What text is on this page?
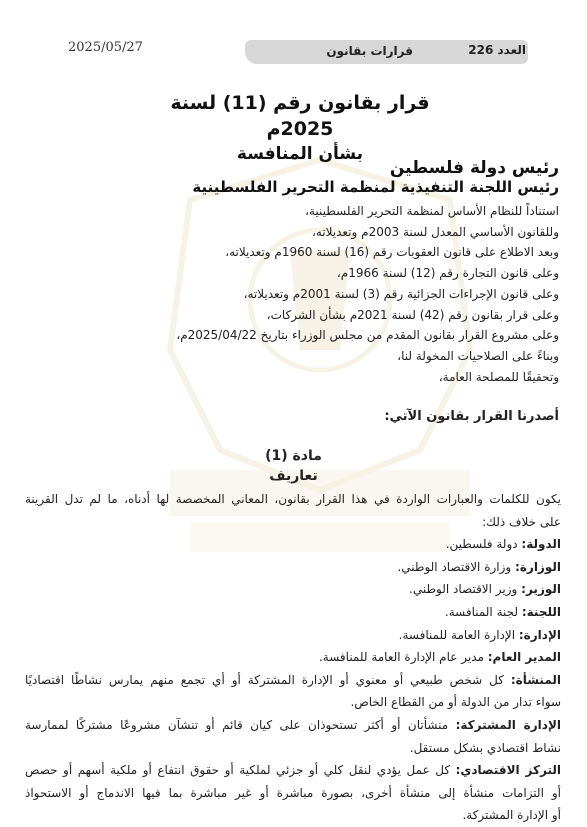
2025/05/27	العدد 226
قرارات بقانون
قرار بقانون رقم (11) لسنة 2025م
بشأن المنافسة
رئيس دولة فلسطين
رئيس اللجنة التنفيذية لمنظمة التحرير الفلسطينية
استناداً للنظام الأساس لمنظمة التحرير الفلسطينية،
وللقانون الأساسي المعدل لسنة 2003م وتعديلاته،
وبعد الاطلاع على قانون العقوبات رقم (16) لسنة 1960م وتعديلاته،
وعلى قانون التجارة رقم (12) لسنة 1966م،
وعلى قانون الإجراءات الجزائية رقم (3) لسنة 2001م وتعديلاته،
وعلى قرار بقانون رقم (42) لسنة 2021م بشأن الشركات،
وعلى مشروع القرار بقانون المقدم من مجلس الوزراء بتاريخ 2025/04/22م،
وبناءً على الصلاحيات المخولة لنا،
وتحقيقًا للمصلحة العامة،
أصدرنا القرار بقانون الآتي:
مادة (1)
تعاريف
يكون للكلمات والعبارات الواردة في هذا القرار بقانون، المعاني المخصصة لها أدناه، ما لم تدل القرينة
على خلاف ذلك:
الدولة: دولة فلسطين.
الوزارة: وزارة الاقتصاد الوطني.
الوزير: وزير الاقتصاد الوطني.
اللجنة: لجنة المنافسة.
الإدارة: الإدارة العامة للمنافسة.
المدير العام: مدير عام الإدارة العامة للمنافسة.
المنشأة: كل شخص طبيعي أو معنوي أو الإدارة المشتركة أو أي تجمع منهم يمارس نشاطًا اقتصاديًا
سواء تدار من الدولة أو من القطاع الخاص.
الإدارة المشتركة: منشأتان أو أكثر تستحوذان على كيان قائم أو تنشآن مشروعًا مشتركًا لممارسة
نشاط اقتصادي بشكل مستقل.
التركز الاقتصادي: كل عمل يؤدي لنقل كلي أو جزئي لملكية أو حقوق انتفاع أو ملكية أسهم أو حصص
أو التزامات منشأة إلى منشأة أخرى، بصورة مباشرة أو غير مباشرة بما فيها الاندماج أو الاستحواذ
أو الإدارة المشتركة.
